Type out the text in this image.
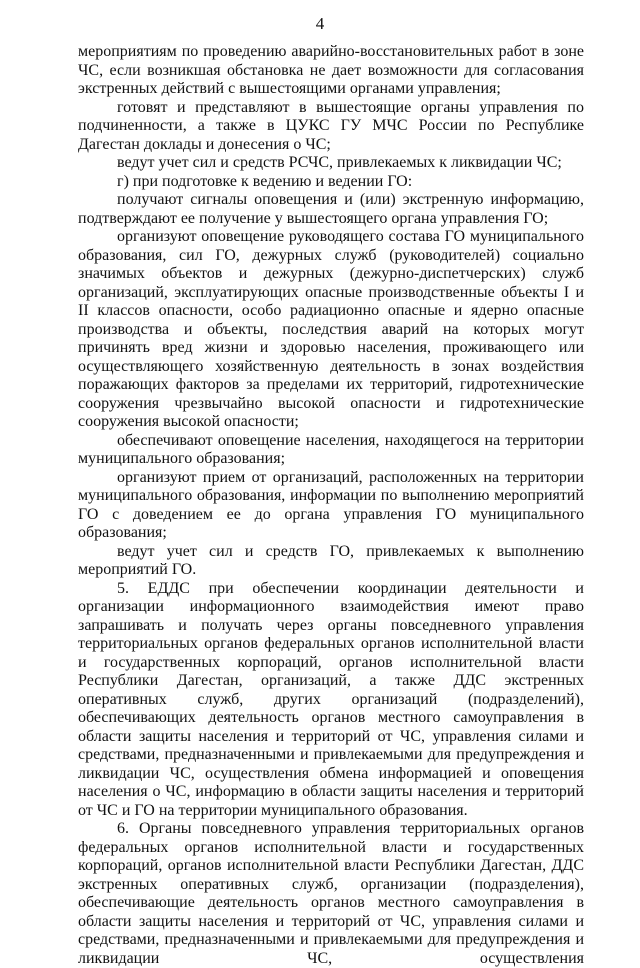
4

мероприятиям по проведению аварийно-восстановительных работ в зоне ЧС, если возникшая обстановка не дает возможности для согласования экстренных действий с вышестоящими органами управления;

готовят и представляют в вышестоящие органы управления по подчиненности, а также в ЦУКС ГУ МЧС России по Республике Дагестан доклады и донесения о ЧС;

ведут учет сил и средств РСЧС, привлекаемых к ликвидации ЧС;

г) при подготовке к ведению и ведении ГО:

получают сигналы оповещения и (или) экстренную информацию, подтверждают ее получение у вышестоящего органа управления ГО;

организуют оповещение руководящего состава ГО муниципального образования, сил ГО, дежурных служб (руководителей) социально значимых объектов и дежурных (дежурно-диспетчерских) служб организаций, эксплуатирующих опасные производственные объекты I и II классов опасности, особо радиационно опасные и ядерно опасные производства и объекты, последствия аварий на которых могут причинять вред жизни и здоровью населения, проживающего или осуществляющего хозяйственную деятельность в зонах воздействия поражающих факторов за пределами их территорий, гидротехнические сооружения чрезвычайно высокой опасности и гидротехнические сооружения высокой опасности;

обеспечивают оповещение населения, находящегося на территории муниципального образования;

организуют прием от организаций, расположенных на территории муниципального образования, информации по выполнению мероприятий ГО с доведением ее до органа управления ГО муниципального образования;

ведут учет сил и средств ГО, привлекаемых к выполнению мероприятий ГО.

5. ЕДДС при обеспечении координации деятельности и организации информационного взаимодействия имеют право запрашивать и получать через органы повседневного управления территориальных органов федеральных органов исполнительной власти и государственных корпораций, органов исполнительной власти Республики Дагестан, организаций, а также ДДС экстренных оперативных служб, других организаций (подразделений), обеспечивающих деятельность органов местного самоуправления в области защиты населения и территорий от ЧС, управления силами и средствами, предназначенными и привлекаемыми для предупреждения и ликвидации ЧС, осуществления обмена информацией и оповещения населения о ЧС, информацию в области защиты населения и территорий от ЧС и ГО на территории муниципального образования.

6. Органы повседневного управления территориальных органов федеральных органов исполнительной власти и государственных корпораций, органов исполнительной власти Республики Дагестан, ДДС экстренных оперативных служб, организации (подразделения), обеспечивающие деятельность органов местного самоуправления в области защиты населения и территорий от ЧС, управления силами и средствами, предназначенными и привлекаемыми для предупреждения и ликвидации ЧС, осуществления
